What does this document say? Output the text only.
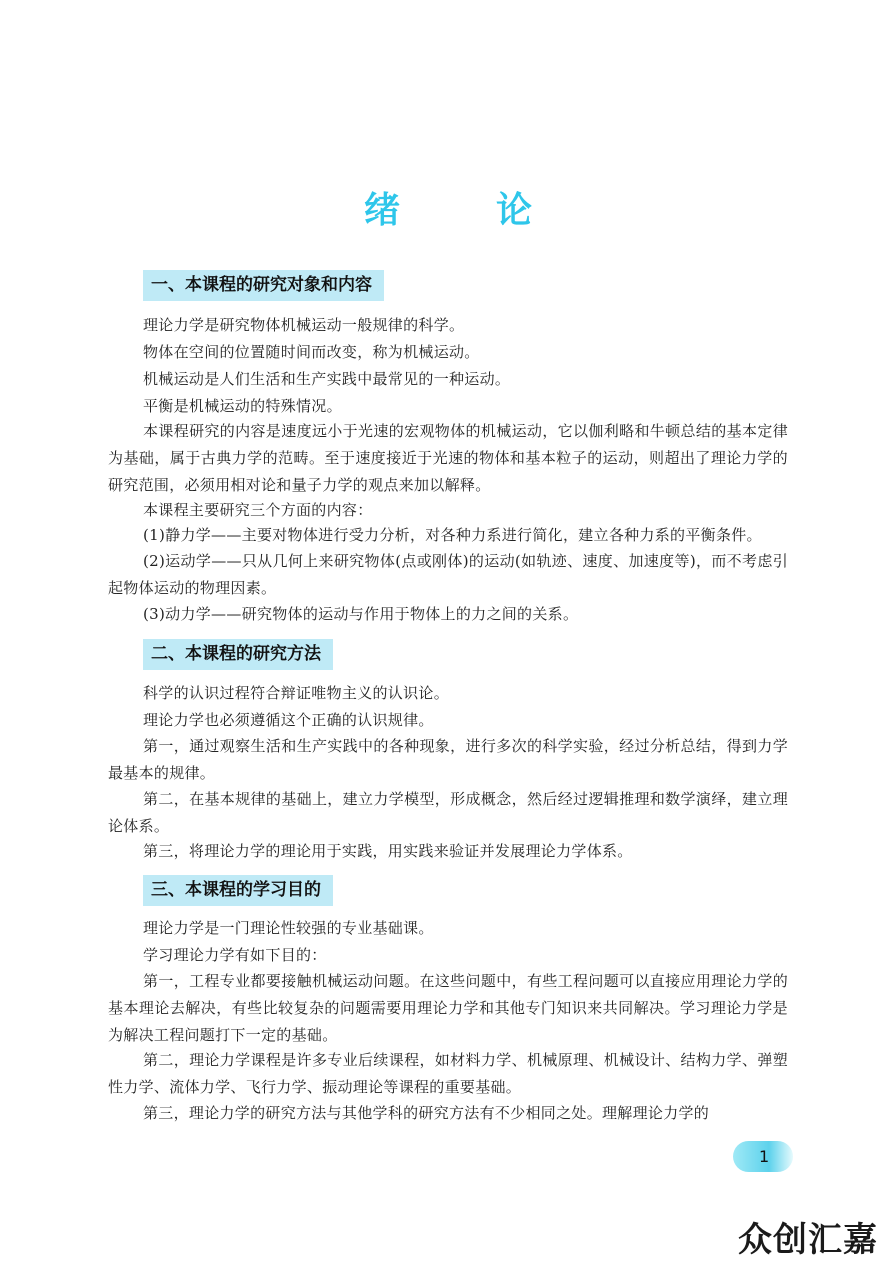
绪　论
一、本课程的研究对象和内容

理论力学是研究物体机械运动一般规律的科学。

物体在空间的位置随时间而改变，称为机械运动。

机械运动是人们生活和生产实践中最常见的一种运动。

平衡是机械运动的特殊情况。

本课程研究的内容是速度远小于光速的宏观物体的机械运动，它以伽利略和牛顿总结的基本定律为基础，属于古典力学的范畴。至于速度接近于光速的物体和基本粒子的运动，则超出了理论力学的研究范围，必须用相对论和量子力学的观点来加以解释。

本课程主要研究三个方面的内容：

(1)静力学——主要对物体进行受力分析，对各种力系进行简化，建立各种力系的平衡条件。

(2)运动学——只从几何上来研究物体(点或刚体)的运动(如轨迹、速度、加速度等)，而不考虑引起物体运动的物理因素。

(3)动力学——研究物体的运动与作用于物体上的力之间的关系。

二、本课程的研究方法

科学的认识过程符合辩证唯物主义的认识论。

理论力学也必须遵循这个正确的认识规律。

第一，通过观察生活和生产实践中的各种现象，进行多次的科学实验，经过分析总结，得到力学最基本的规律。

第二，在基本规律的基础上，建立力学模型，形成概念，然后经过逻辑推理和数学演绎，建立理论体系。

第三，将理论力学的理论用于实践，用实践来验证并发展理论力学体系。

三、本课程的学习目的

理论力学是一门理论性较强的专业基础课。

学习理论力学有如下目的：

第一，工程专业都要接触机械运动问题。在这些问题中，有些工程问题可以直接应用理论力学的基本理论去解决，有些比较复杂的问题需要用理论力学和其他专门知识来共同解决。学习理论力学是为解决工程问题打下一定的基础。

第二，理论力学课程是许多专业后续课程，如材料力学、机械原理、机械设计、结构力学、弹塑性力学、流体力学、飞行力学、振动理论等课程的重要基础。

第三，理论力学的研究方法与其他学科的研究方法有不少相同之处。理解理论力学的

1
众创汇嘉
